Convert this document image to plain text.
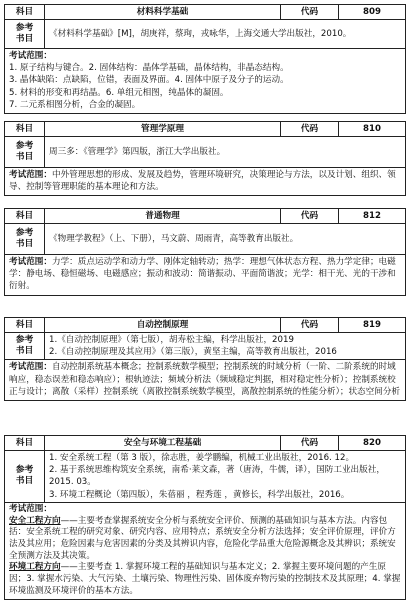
科目	材料科学基础	代码	809
参考
书目

《材料科学基础》[M]，胡庚祥，蔡珣，戎咏华，上海交通大学出版社，2010。

考试范围：

1. 原子结构与键合。2. 固体结构：晶体学基础，晶体结构，非晶态结构。

3. 晶体缺陷：点缺陷，位错，表面及界面。4. 固体中原子及分子的运动。

5. 材料的形变和再结晶。6. 单组元相图，纯晶体的凝固。

7. 二元系相图分析，合金的凝固。

科目	管理学原理	代码	810
参考
书目

周三多：《管理学》第四版，浙江大学出版社。

考试范围：中外管理思想的形成、发展及趋势，管理环境研究，决策理论与方法，以及计划、组织、领导、控制等管理职能的基本理论和方法。

科目	普通物理	代码	812
参考
书目

《物理学教程》（上、下册），马文蔚、周雨青，高等教育出版社。

考试范围：力学：质点运动学和动力学、刚体定轴转动；热学：理想气体状态方程、热力学定律；电磁学：静电场、稳恒磁场、电磁感应；振动和波动：简谐振动、平面简谐波；光学：相干光、光的干涉和衍射。

科目	自动控制原理	代码	819
参考
书目

1.《自动控制原理》（第七版），胡寿松主编，科学出版社，2019

2.《自动控制原理及其应用》（第三版），黄坚主编，高等教育出版社，2016

考试范围：自动控制系统基本概念；控制系统数学模型；控制系统的时域分析（一阶、二阶系统的时域响应，稳态误差和稳态响应）；根轨迹法；频域分析法（频域稳定判据，相对稳定性分析）；控制系统校正与设计；离散（采样）控制系统（离散控制系统数学模型，离散控制系统的性能分析）；状态空间分析

科目	安全与环境工程基础	代码	820
参考
书目

1. 安全系统工程（第 3 版），徐志胜，姜学鹏编，机械工业出版社，2016. 12。

2. 基于系统思维构筑安全系统，南希·莱文森，著（唐涛，牛儒，译），国防工业出版社，2015. 03。

3. 环境工程概论（第四版），朱蓓丽 ，程秀莲 ，黄修长，科学出版社，2016。

考试范围：

安全工程方向——主要考查掌握系统安全分析与系统安全评价、预测的基础知识与基本方法。内容包括：安全系统工程的研究对象、研究内容、应用特点；系统安全分析方法选择；安全评价原理，评价方法及其应用；危险因素与危害因素的分类及其辨识内容，危险化学品重大危险源概念及其辨识；系统安全预测方法及其决策。

环境工程方向——主要考查 1. 掌握环境工程的基础知识与基本定义；2. 掌握主要环境问题的产生原因；3. 掌握水污染、大气污染、土壤污染、物理性污染、固体废弃物污染的控制技术及其原理；4. 掌握环境监测及环境评价的基本方法。
